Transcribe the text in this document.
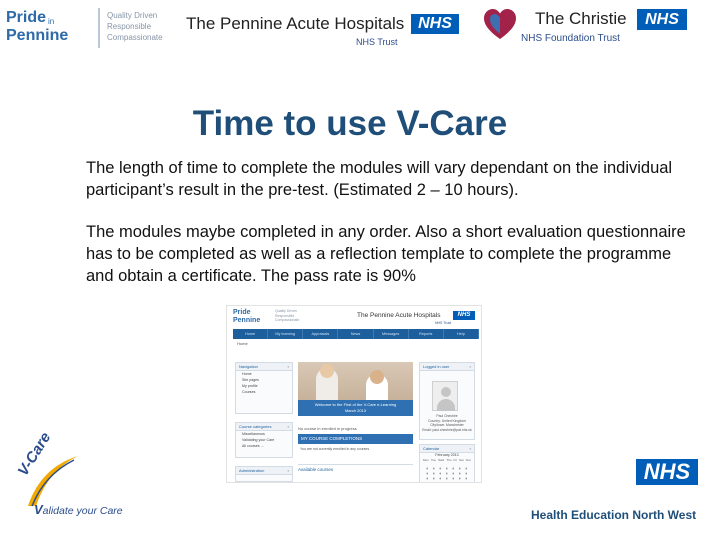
Pride in
Pennine
Quality Driven
Responsible
Compassionate
The Pennine Acute Hospitals NHS
NHS Trust
The Christie	NHS
NHS Foundation Trust
Time to use V-Care

The length of time to complete the modules will vary dependant on the individual participant’s result in the pre-test. (Estimated 2 – 10 hours).

The modules maybe completed in any order. Also a short evaluation questionnaire has to be completed as well as a reflection template to complete the programme and obtain a certificate. The pass rate is 90%

Pride
Pennine
Quality Driven
Responsible
Compassionate
The Pennine Acute Hospitals	NHS
NHS Trust
Home	My learning	Appraisals	News	Messages	Reports	Help
Home
Navigation	▪
Home
Site pages
My profile
Courses
Course categories	▪
Miscellaneous
Validating your Care
All courses ...
Administration	▪
Welcome to the First of the V-Care e-Learning
March 2013
No course in enrolled in progress
MY COURSE COMPLETIONS
You are not currently enrolled in any courses
Available courses
Logged in user	▪
Paul Cheshire
Country: United Kingdom
City/town: Manchester
Email: paul.cheshire@pat.nhs.uk
Calendar	▪
February 2013
Mon Tue Wed Thu Fri Sat Sun
V-Care
Validate your Care
NHS
Health Education North West
